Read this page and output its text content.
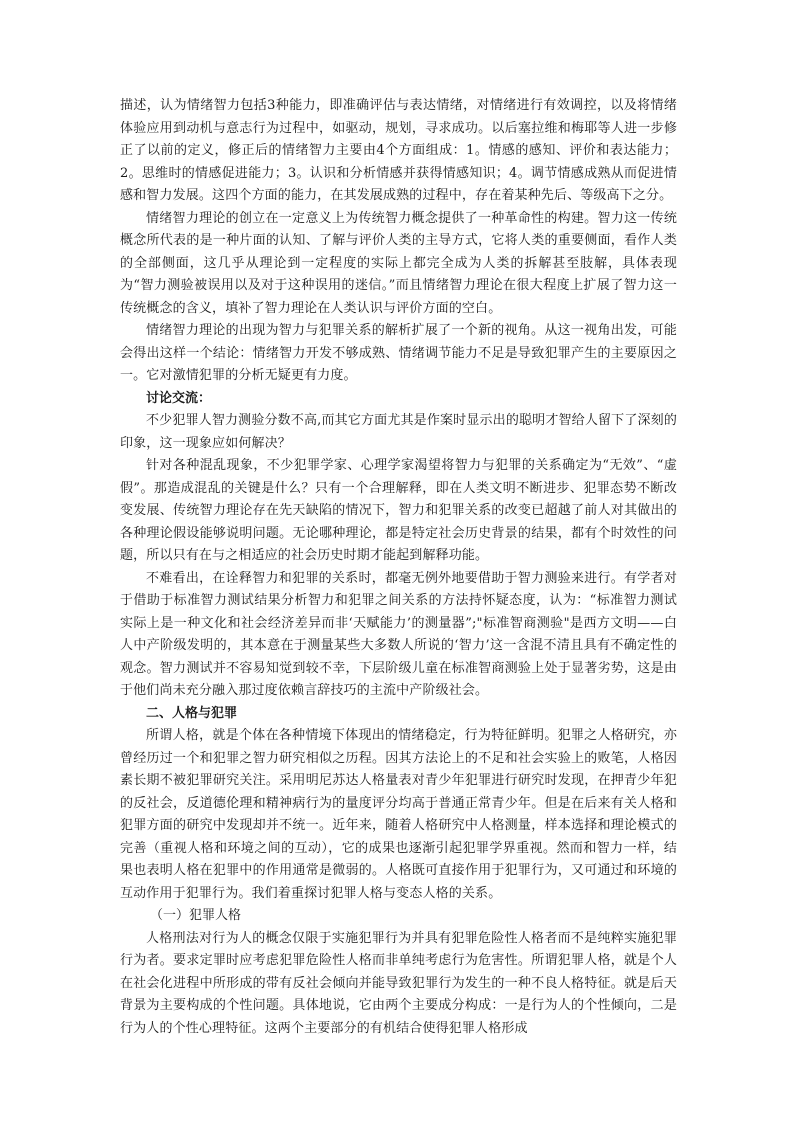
描述，认为情绪智力包括3种能力，即准确评估与表达情绪，对情绪进行有效调控，以及将情绪体验应用到动机与意志行为过程中，如驱动，规划，寻求成功。以后塞拉维和梅耶等人进一步修正了以前的定义，修正后的情绪智力主要由4个方面组成：1。情感的感知、评价和表达能力；2。思维时的情感促进能力；3。认识和分析情感并获得情感知识；4。调节情感成熟从而促进情感和智力发展。这四个方面的能力，在其发展成熟的过程中，存在着某种先后、等级高下之分。

情绪智力理论的创立在一定意义上为传统智力概念提供了一种革命性的构建。智力这一传统概念所代表的是一种片面的认知、了解与评价人类的主导方式，它将人类的重要侧面，看作人类的全部侧面，这几乎从理论到一定程度的实际上都完全成为人类的拆解甚至肢解，具体表现为“智力测验被误用以及对于这种误用的迷信。”而且情绪智力理论在很大程度上扩展了智力这一传统概念的含义，填补了智力理论在人类认识与评价方面的空白。

情绪智力理论的出现为智力与犯罪关系的解析扩展了一个新的视角。从这一视角出发，可能会得出这样一个结论：情绪智力开发不够成熟、情绪调节能力不足是导致犯罪产生的主要原因之一。它对激情犯罪的分析无疑更有力度。

讨论交流：

不少犯罪人智力测验分数不高,而其它方面尤其是作案时显示出的聪明才智给人留下了深刻的印象，这一现象应如何解决？

针对各种混乱现象，不少犯罪学家、心理学家渴望将智力与犯罪的关系确定为“无效”、“虚假”。那造成混乱的关键是什么？只有一个合理解释，即在人类文明不断进步、犯罪态势不断改变发展、传统智力理论存在先天缺陷的情况下，智力和犯罪关系的改变已超越了前人对其做出的各种理论假设能够说明问题。无论哪种理论，都是特定社会历史背景的结果，都有个时效性的问题，所以只有在与之相适应的社会历史时期才能起到解释功能。

不难看出，在诠释智力和犯罪的关系时，都毫无例外地要借助于智力测验来进行。有学者对于借助于标准智力测试结果分析智力和犯罪之间关系的方法持怀疑态度，认为：“标准智力测试实际上是一种文化和社会经济差异而非‘天赋能力’的测量器”;"标准智商测验"是西方文明——白人中产阶级发明的，其本意在于测量某些大多数人所说的‘智力’这一含混不清且具有不确定性的观念。智力测试并不容易知觉到较不幸，下层阶级儿童在标准智商测验上处于显著劣势，这是由于他们尚未充分融入那过度依赖言辞技巧的主流中产阶级社会。

二、人格与犯罪

所谓人格，就是个体在各种情境下体现出的情绪稳定，行为特征鲜明。犯罪之人格研究，亦曾经历过一个和犯罪之智力研究相似之历程。因其方法论上的不足和社会实验上的败笔，人格因素长期不被犯罪研究关注。采用明尼苏达人格量表对青少年犯罪进行研究时发现，在押青少年犯的反社会，反道德伦理和精神病行为的量度评分均高于普通正常青少年。但是在后来有关人格和犯罪方面的研究中发现却并不统一。近年来，随着人格研究中人格测量，样本选择和理论模式的完善（重视人格和环境之间的互动），它的成果也逐渐引起犯罪学界重视。然而和智力一样，结果也表明人格在犯罪中的作用通常是微弱的。人格既可直接作用于犯罪行为，又可通过和环境的互动作用于犯罪行为。我们着重探讨犯罪人格与变态人格的关系。

（一）犯罪人格

人格刑法对行为人的概念仅限于实施犯罪行为并具有犯罪危险性人格者而不是纯粹实施犯罪行为者。要求定罪时应考虑犯罪危险性人格而非单纯考虑行为危害性。所谓犯罪人格，就是个人在社会化进程中所形成的带有反社会倾向并能导致犯罪行为发生的一种不良人格特征。就是后天背景为主要构成的个性问题。具体地说，它由两个主要成分构成：一是行为人的个性倾向，二是行为人的个性心理特征。这两个主要部分的有机结合使得犯罪人格形成
